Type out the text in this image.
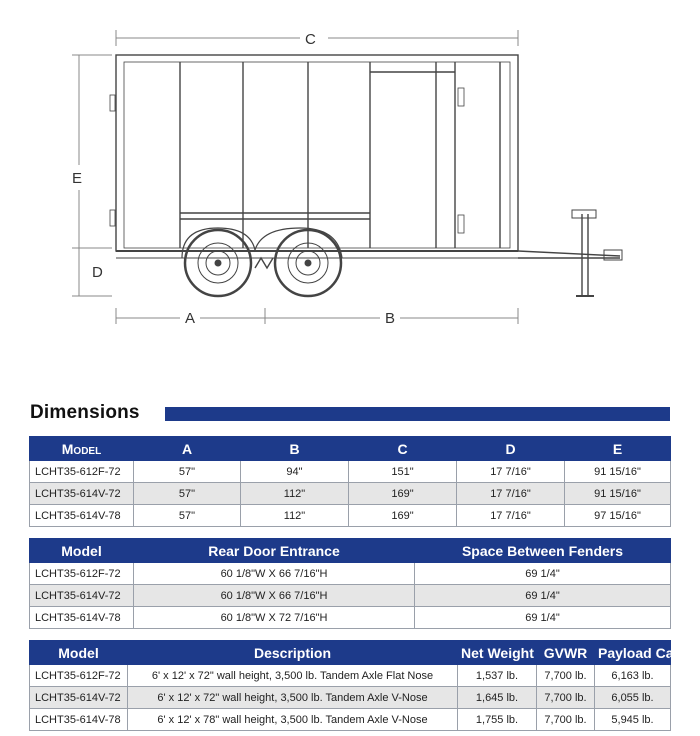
C
E
D
A	B
Dimensions
Model	A	B	C	D	E
LCHT35-612F-72	57"	94"	151"	17 7/16"	91 15/16"
LCHT35-614V-72	57"	112"	169"	17 7/16"	91 15/16"
LCHT35-614V-78	57"	112"	169"	17 7/16"	97 15/16"
Model	Rear Door Entrance	Space Between Fenders
LCHT35-612F-72	60 1/8"W X 66 7/16"H	69 1/4"
LCHT35-614V-72	60 1/8"W X 66 7/16"H	69 1/4"
LCHT35-614V-78	60 1/8"W X 72 7/16"H	69 1/4"
Model	Description	Net Weight	GVWR	Payload Cap.
LCHT35-612F-72	6' x 12' x 72" wall height, 3,500 lb. Tandem Axle Flat Nose	1,537 lb.	7,700 lb.	6,163 lb.
LCHT35-614V-72	6' x 12' x 72" wall height, 3,500 lb. Tandem Axle V-Nose	1,645 lb.	7,700 lb.	6,055 lb.
LCHT35-614V-78	6' x 12' x 78" wall height, 3,500 lb. Tandem Axle V-Nose	1,755 lb.	7,700 lb.	5,945 lb.
